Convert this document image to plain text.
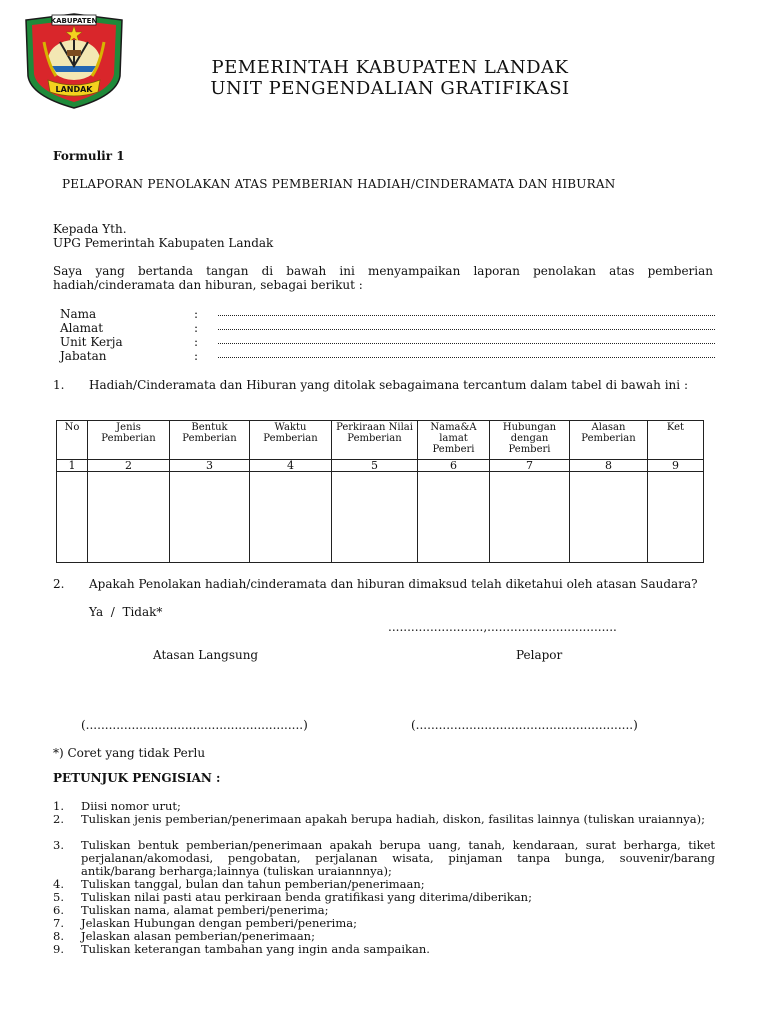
KABUPATEN
LANDAK
PEMERINTAH KABUPATEN LANDAK
UNIT PENGENDALIAN GRATIFIKASI
Formulir 1
PELAPORAN PENOLAKAN ATAS PEMBERIAN HADIAH/CINDERAMATA DAN HIBURAN
Kepada Yth.
UPG Pemerintah Kabupaten Landak
Saya yang bertanda tangan di bawah ini menyampaikan laporan penolakan atas pemberian hadiah/cinderamata dan hiburan, sebagai berikut :
Nama	:
Alamat	:
Unit Kerja	:
Jabatan	:
1. Hadiah/Cinderamata dan Hiburan yang ditolak sebagaimana tercantum dalam tabel di bawah ini :
No	Jenis Pemberian	Bentuk Pemberian	Waktu Pemberian	Perkiraan Nilai Pemberian	Nama&A lamat Pemberi	Hubungan dengan Pemberi	Alasan Pemberian	Ket
1	2	3	4	5	6	7	8	9

2. Apakah Penolakan hadiah/cinderamata dan hiburan dimaksud telah diketahui oleh atasan Saudara?
Ya  /  Tidak*
.........................,..................................
Atasan Langsung	Pelapor
(.........................................................)	(.........................................................)
*) Coret yang tidak Perlu
PETUNJUK PENGISIAN :
1. Diisi nomor urut;
2. Tuliskan jenis pemberian/penerimaan apakah berupa hadiah, diskon, fasilitas lainnya (tuliskan uraiannya);
3. Tuliskan bentuk pemberian/penerimaan apakah berupa uang, tanah, kendaraan, surat berharga, tiket perjalanan/akomodasi, pengobatan, perjalanan wisata, pinjaman tanpa bunga, souvenir/barang antik/barang berharga;lainnya (tuliskan uraiannnya);
4. Tuliskan tanggal, bulan dan tahun pemberian/penerimaan;
5. Tuliskan nilai pasti atau perkiraan benda gratifikasi yang diterima/diberikan;
6. Tuliskan nama, alamat pemberi/penerima;
7. Jelaskan Hubungan dengan pemberi/penerima;
8. Jelaskan alasan pemberian/penerimaan;
9. Tuliskan keterangan tambahan yang ingin anda sampaikan.
